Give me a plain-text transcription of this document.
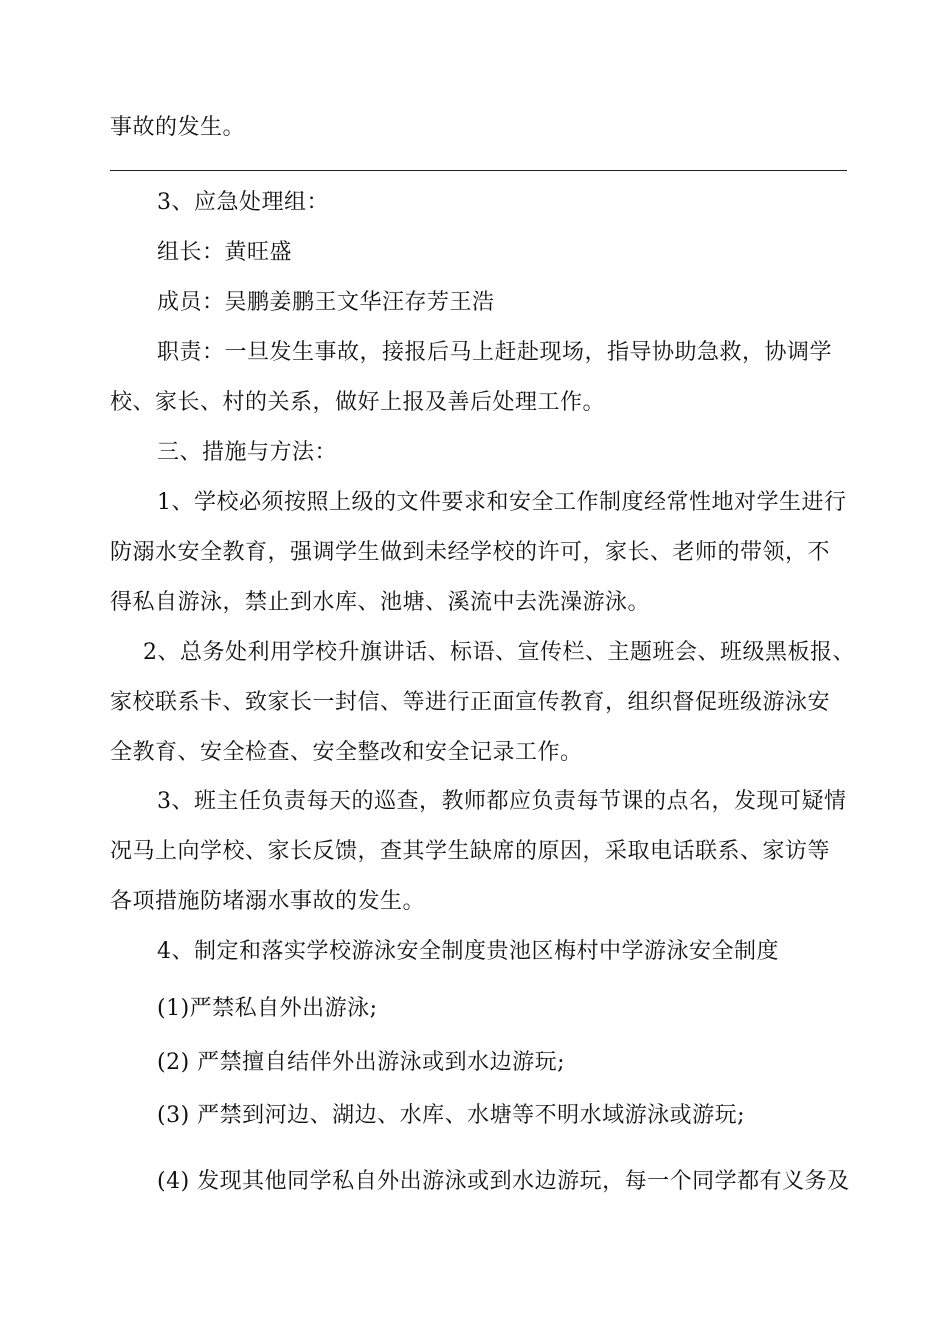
事故的发生。
3、应急处理组：
组长：黄旺盛
成员：吴鹏姜鹏王文华汪存芳王浩
职责：一旦发生事故，接报后马上赶赴现场，指导协助急救，协调学
校、家长、村的关系，做好上报及善后处理工作。
三、措施与方法：
1、学校必须按照上级的文件要求和安全工作制度经常性地对学生进行
防溺水安全教育，强调学生做到未经学校的许可，家长、老师的带领，不
得私自游泳，禁止到水库、池塘、溪流中去洗澡游泳。
2、总务处利用学校升旗讲话、标语、宣传栏、主题班会、班级黑板报、
家校联系卡、致家长一封信、等进行正面宣传教育，组织督促班级游泳安
全教育、安全检查、安全整改和安全记录工作。
3、班主任负责每天的巡查，教师都应负责每节课的点名，发现可疑情
况马上向学校、家长反馈，查其学生缺席的原因，采取电话联系、家访等
各项措施防堵溺水事故的发生。
4、制定和落实学校游泳安全制度贵池区梅村中学游泳安全制度
(1)严禁私自外出游泳;
(2) 严禁擅自结伴外出游泳或到水边游玩;
(3) 严禁到河边、湖边、水库、水塘等不明水域游泳或游玩;
(4) 发现其他同学私自外出游泳或到水边游玩，每一个同学都有义务及
